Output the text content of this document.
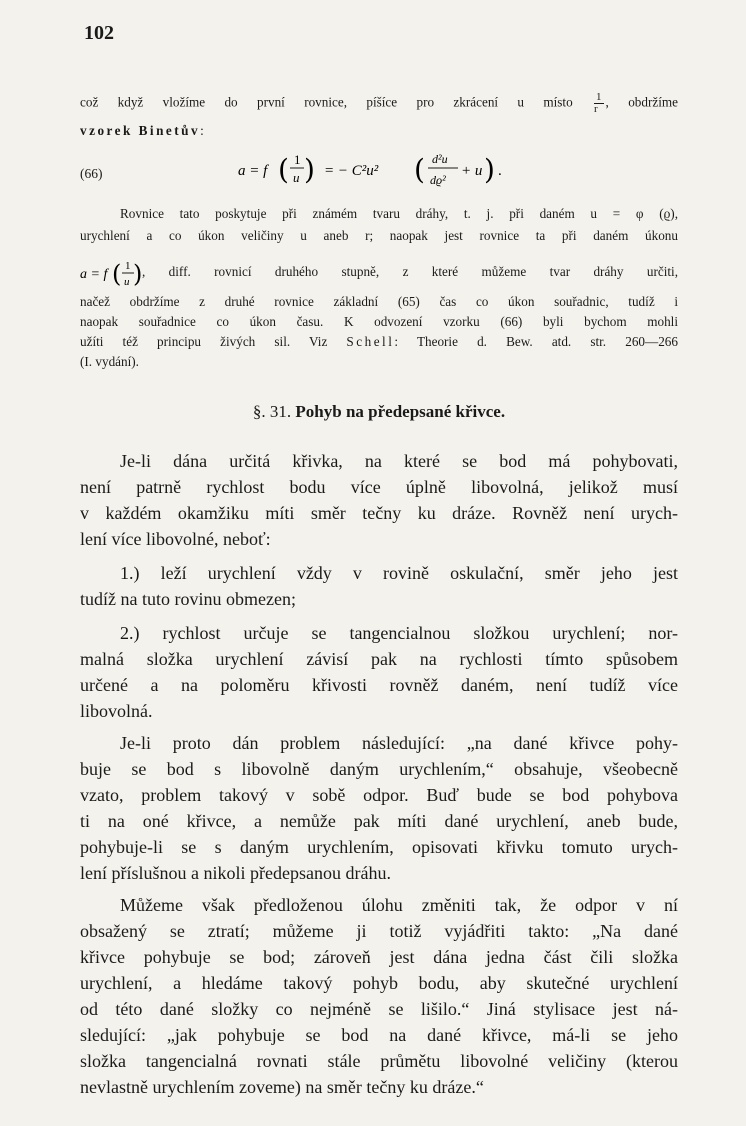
102
což když vložíme do první rovnice, píšíce pro zkrácení u místo $\frac{1}{r}$ , obdržíme
vzorek Binetův:
(66)	a = f ( 1
u ) = − C²u² ( d²u
dϱ²
+ u ) .
Rovnice tato poskytuje při známém tvaru dráhy, t. j. při daném u = φ (ϱ),
urychlení a co úkon veličiny u aneb r; naopak jest rovnice ta při daném úkonu
a = f ( 1
u ) , diff. rovnicí druhého stupně, z které můžeme tvar dráhy určiti,
načež obdržíme z druhé rovnice základní (65) čas co úkon souřadnic, tudíž i
naopak souřadnice co úkon času. K odvození vzorku (66) byli bychom mohli
užíti též principu živých sil. Viz Schell: Theorie d. Bew. atd. str. 260—266
(I. vydání).
§. 31. Pohyb na předepsané křivce.
Je-li dána určitá křivka, na které se bod má pohybovati,
není patrně rychlost bodu více úplně libovolná, jelikož musí
v každém okamžiku míti směr tečny ku dráze. Rovněž není urych-
lení více libovolné, neboť:
1.) leží urychlení vždy v rovině oskulační, směr jeho jest
tudíž na tuto rovinu obmezen;
2.) rychlost určuje se tangencialnou složkou urychlení; nor-
malná složka urychlení závisí pak na rychlosti tímto spůsobem
určené a na poloměru křivosti rovněž daném, není tudíž více
libovolná.
Je-li proto dán problem následující: „na dané křivce pohy-
buje se bod s libovolně daným urychlením,“ obsahuje, všeobecně
vzato, problem takový v sobě odpor. Buď bude se bod pohybova
ti na oné křivce, a nemůže pak míti dané urychlení, aneb bude,
pohybuje-li se s daným urychlením, opisovati křivku tomuto urych-
lení příslušnou a nikoli předepsanou dráhu.
Můžeme však předloženou úlohu změniti tak, že odpor v ní
obsažený se ztratí; můžeme ji totiž vyjádřiti takto: „Na dané
křivce pohybuje se bod; zároveň jest dána jedna část čili složka
urychlení, a hledáme takový pohyb bodu, aby skutečné urychlení
od této dané složky co nejméně se lišilo.“ Jiná stylisace jest ná-
sledující: „jak pohybuje se bod na dané křivce, má-li se jeho
složka tangencialná rovnati stále průmětu libovolné veličiny (kterou
nevlastně urychlením zoveme) na směr tečny ku dráze.“
